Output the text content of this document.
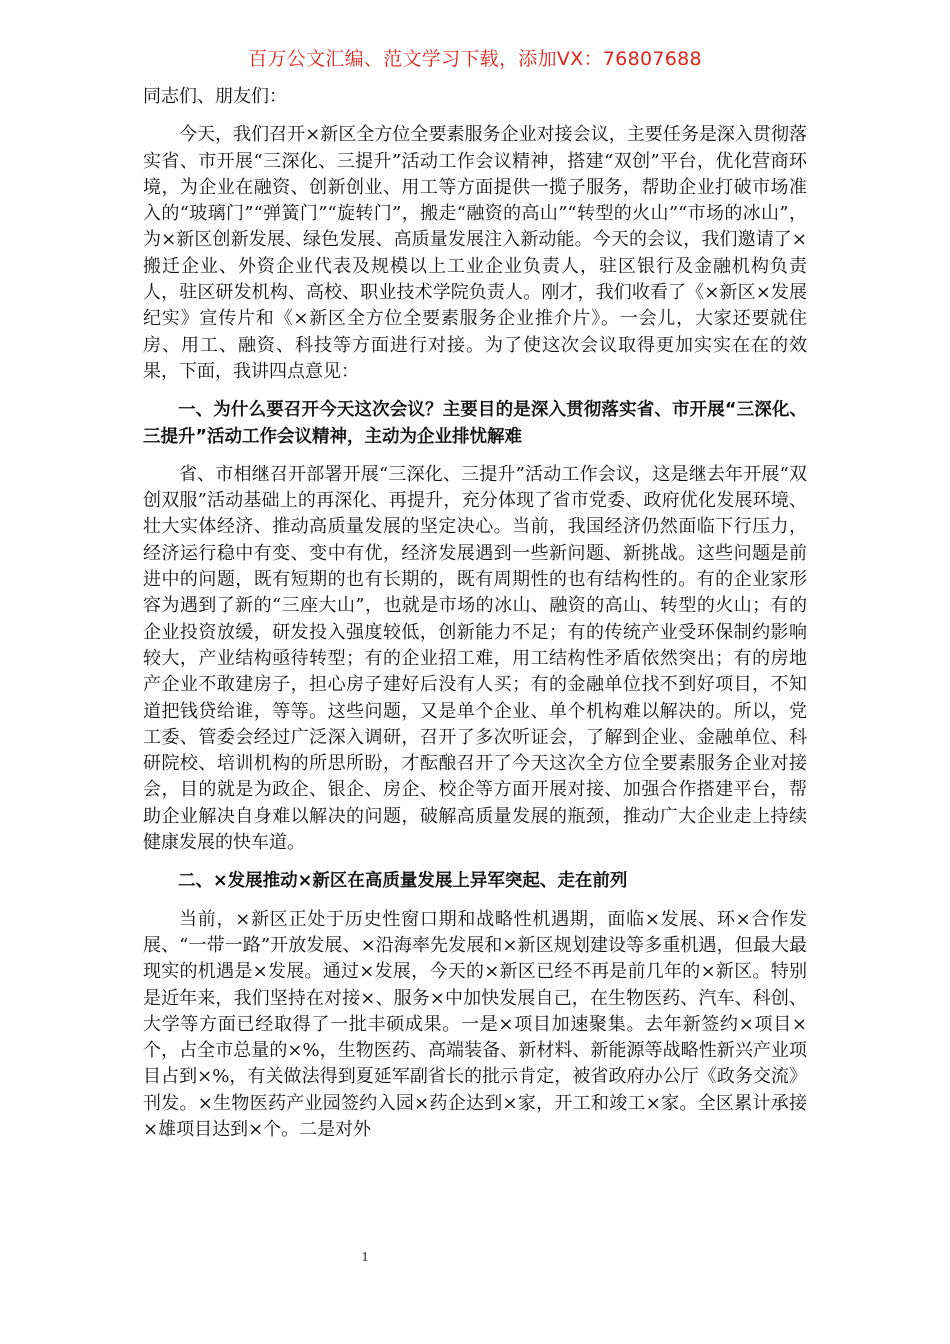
百万公文汇编、范文学习下载，添加VX：76807688

同志们、朋友们：

今天，我们召开×新区全方位全要素服务企业对接会议，主要任务是深入贯彻落实省、市开展“三深化、三提升”活动工作会议精神，搭建“双创”平台，优化营商环境，为企业在融资、创新创业、用工等方面提供一揽子服务，帮助企业打破市场准入的“玻璃门”“弹簧门”“旋转门”，搬走“融资的高山”“转型的火山”“市场的冰山”，为×新区创新发展、绿色发展、高质量发展注入新动能。今天的会议，我们邀请了×搬迁企业、外资企业代表及规模以上工业企业负责人，驻区银行及金融机构负责人，驻区研发机构、高校、职业技术学院负责人。刚才，我们收看了《×新区×发展纪实》宣传片和《×新区全方位全要素服务企业推介片》。一会儿，大家还要就住房、用工、融资、科技等方面进行对接。为了使这次会议取得更加实实在在的效果，下面，我讲四点意见：

一、为什么要召开今天这次会议？主要目的是深入贯彻落实省、市开展“三深化、三提升”活动工作会议精神，主动为企业排忧解难

省、市相继召开部署开展“三深化、三提升”活动工作会议，这是继去年开展“双创双服”活动基础上的再深化、再提升，充分体现了省市党委、政府优化发展环境、壮大实体经济、推动高质量发展的坚定决心。当前，我国经济仍然面临下行压力，经济运行稳中有变、变中有优，经济发展遇到一些新问题、新挑战。这些问题是前进中的问题，既有短期的也有长期的，既有周期性的也有结构性的。有的企业家形容为遇到了新的“三座大山”，也就是市场的冰山、融资的高山、转型的火山；有的企业投资放缓，研发投入强度较低，创新能力不足；有的传统产业受环保制约影响较大，产业结构亟待转型；有的企业招工难，用工结构性矛盾依然突出；有的房地产企业不敢建房子，担心房子建好后没有人买；有的金融单位找不到好项目，不知道把钱贷给谁，等等。这些问题，又是单个企业、单个机构难以解决的。所以，党工委、管委会经过广泛深入调研，召开了多次听证会，了解到企业、金融单位、科研院校、培训机构的所思所盼，才酝酿召开了今天这次全方位全要素服务企业对接会，目的就是为政企、银企、房企、校企等方面开展对接、加强合作搭建平台，帮助企业解决自身难以解决的问题，破解高质量发展的瓶颈，推动广大企业走上持续健康发展的快车道。

二、×发展推动×新区在高质量发展上异军突起、走在前列

当前，×新区正处于历史性窗口期和战略性机遇期，面临×发展、环×合作发展、“一带一路”开放发展、×沿海率先发展和×新区规划建设等多重机遇，但最大最现实的机遇是×发展。通过×发展，今天的×新区已经不再是前几年的×新区。特别是近年来，我们坚持在对接×、服务×中加快发展自己，在生物医药、汽车、科创、大学等方面已经取得了一批丰硕成果。一是×项目加速聚集。去年新签约×项目×个，占全市总量的×%，生物医药、高端装备、新材料、新能源等战略性新兴产业项目占到×%，有关做法得到夏延军副省长的批示肯定，被省政府办公厅《政务交流》刊发。×生物医药产业园签约入园×药企达到×家，开工和竣工×家。全区累计承接×雄项目达到×个。二是对外

1
